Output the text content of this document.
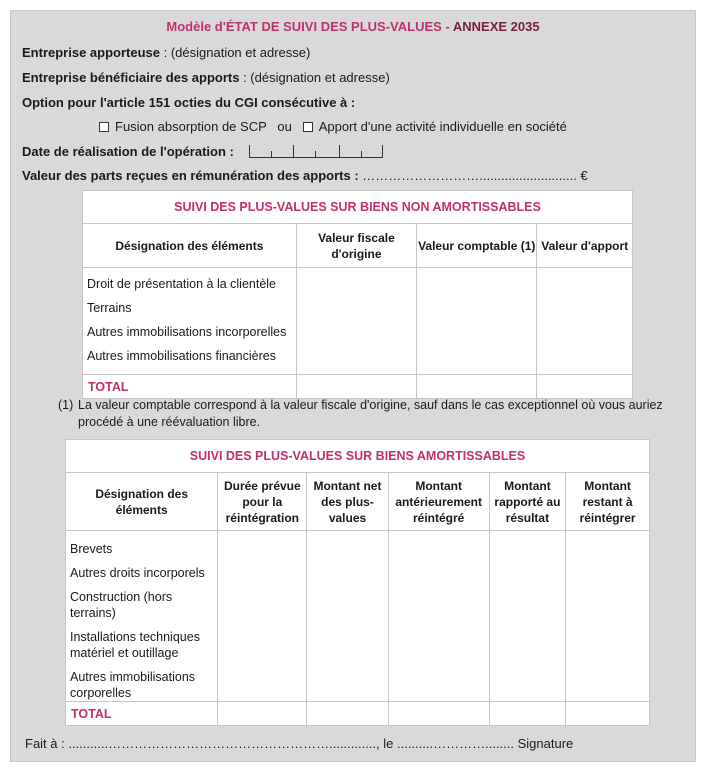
Modèle d'ÉTAT DE SUIVI DES PLUS-VALUES - ANNEXE 2035
Entreprise apporteuse : (désignation et adresse)
Entreprise bénéficiaire des apports : (désignation et adresse)
Option pour l'article 151 octies du CGI consécutive à :
Fusion absorption de SCP ou Apport d'une activité individuelle en société
Date de réalisation de l'opération :
Valeur des parts reçues en rémunération des apports : ………………………........................... €
SUIVI DES PLUS-VALUES SUR BIENS NON AMORTISSABLES			
Désignation des éléments	Valeur fiscale d'origine	Valeur comptable (1)	Valeur d'apport

Droit de présentation à la clientèle
Terrains
Autres immobilisations incorporelles
Autres immobilisations financières			

TOTAL			
SUIVI DES PLUS-VALUES SUR BIENS AMORTISSABLES					
Désignation des éléments	Durée prévue pour la réintégration	Montant net des plus-values	Montant antérieurement réintégré	Montant rapporté au résultat	Montant restant à réintégrer

Brevets
Autres droits incorporels
Construction (hors terrains)
Installations techniques matériel et outillage
Autres immobilisations corporelles					

TOTAL					
Fait à : ...........……………………………………………............., le ..........…………........ Signature
(1) La valeur comptable correspond à la valeur fiscale d'origine, sauf dans le cas exceptionnel où vous auriez procédé à une réévaluation libre.
